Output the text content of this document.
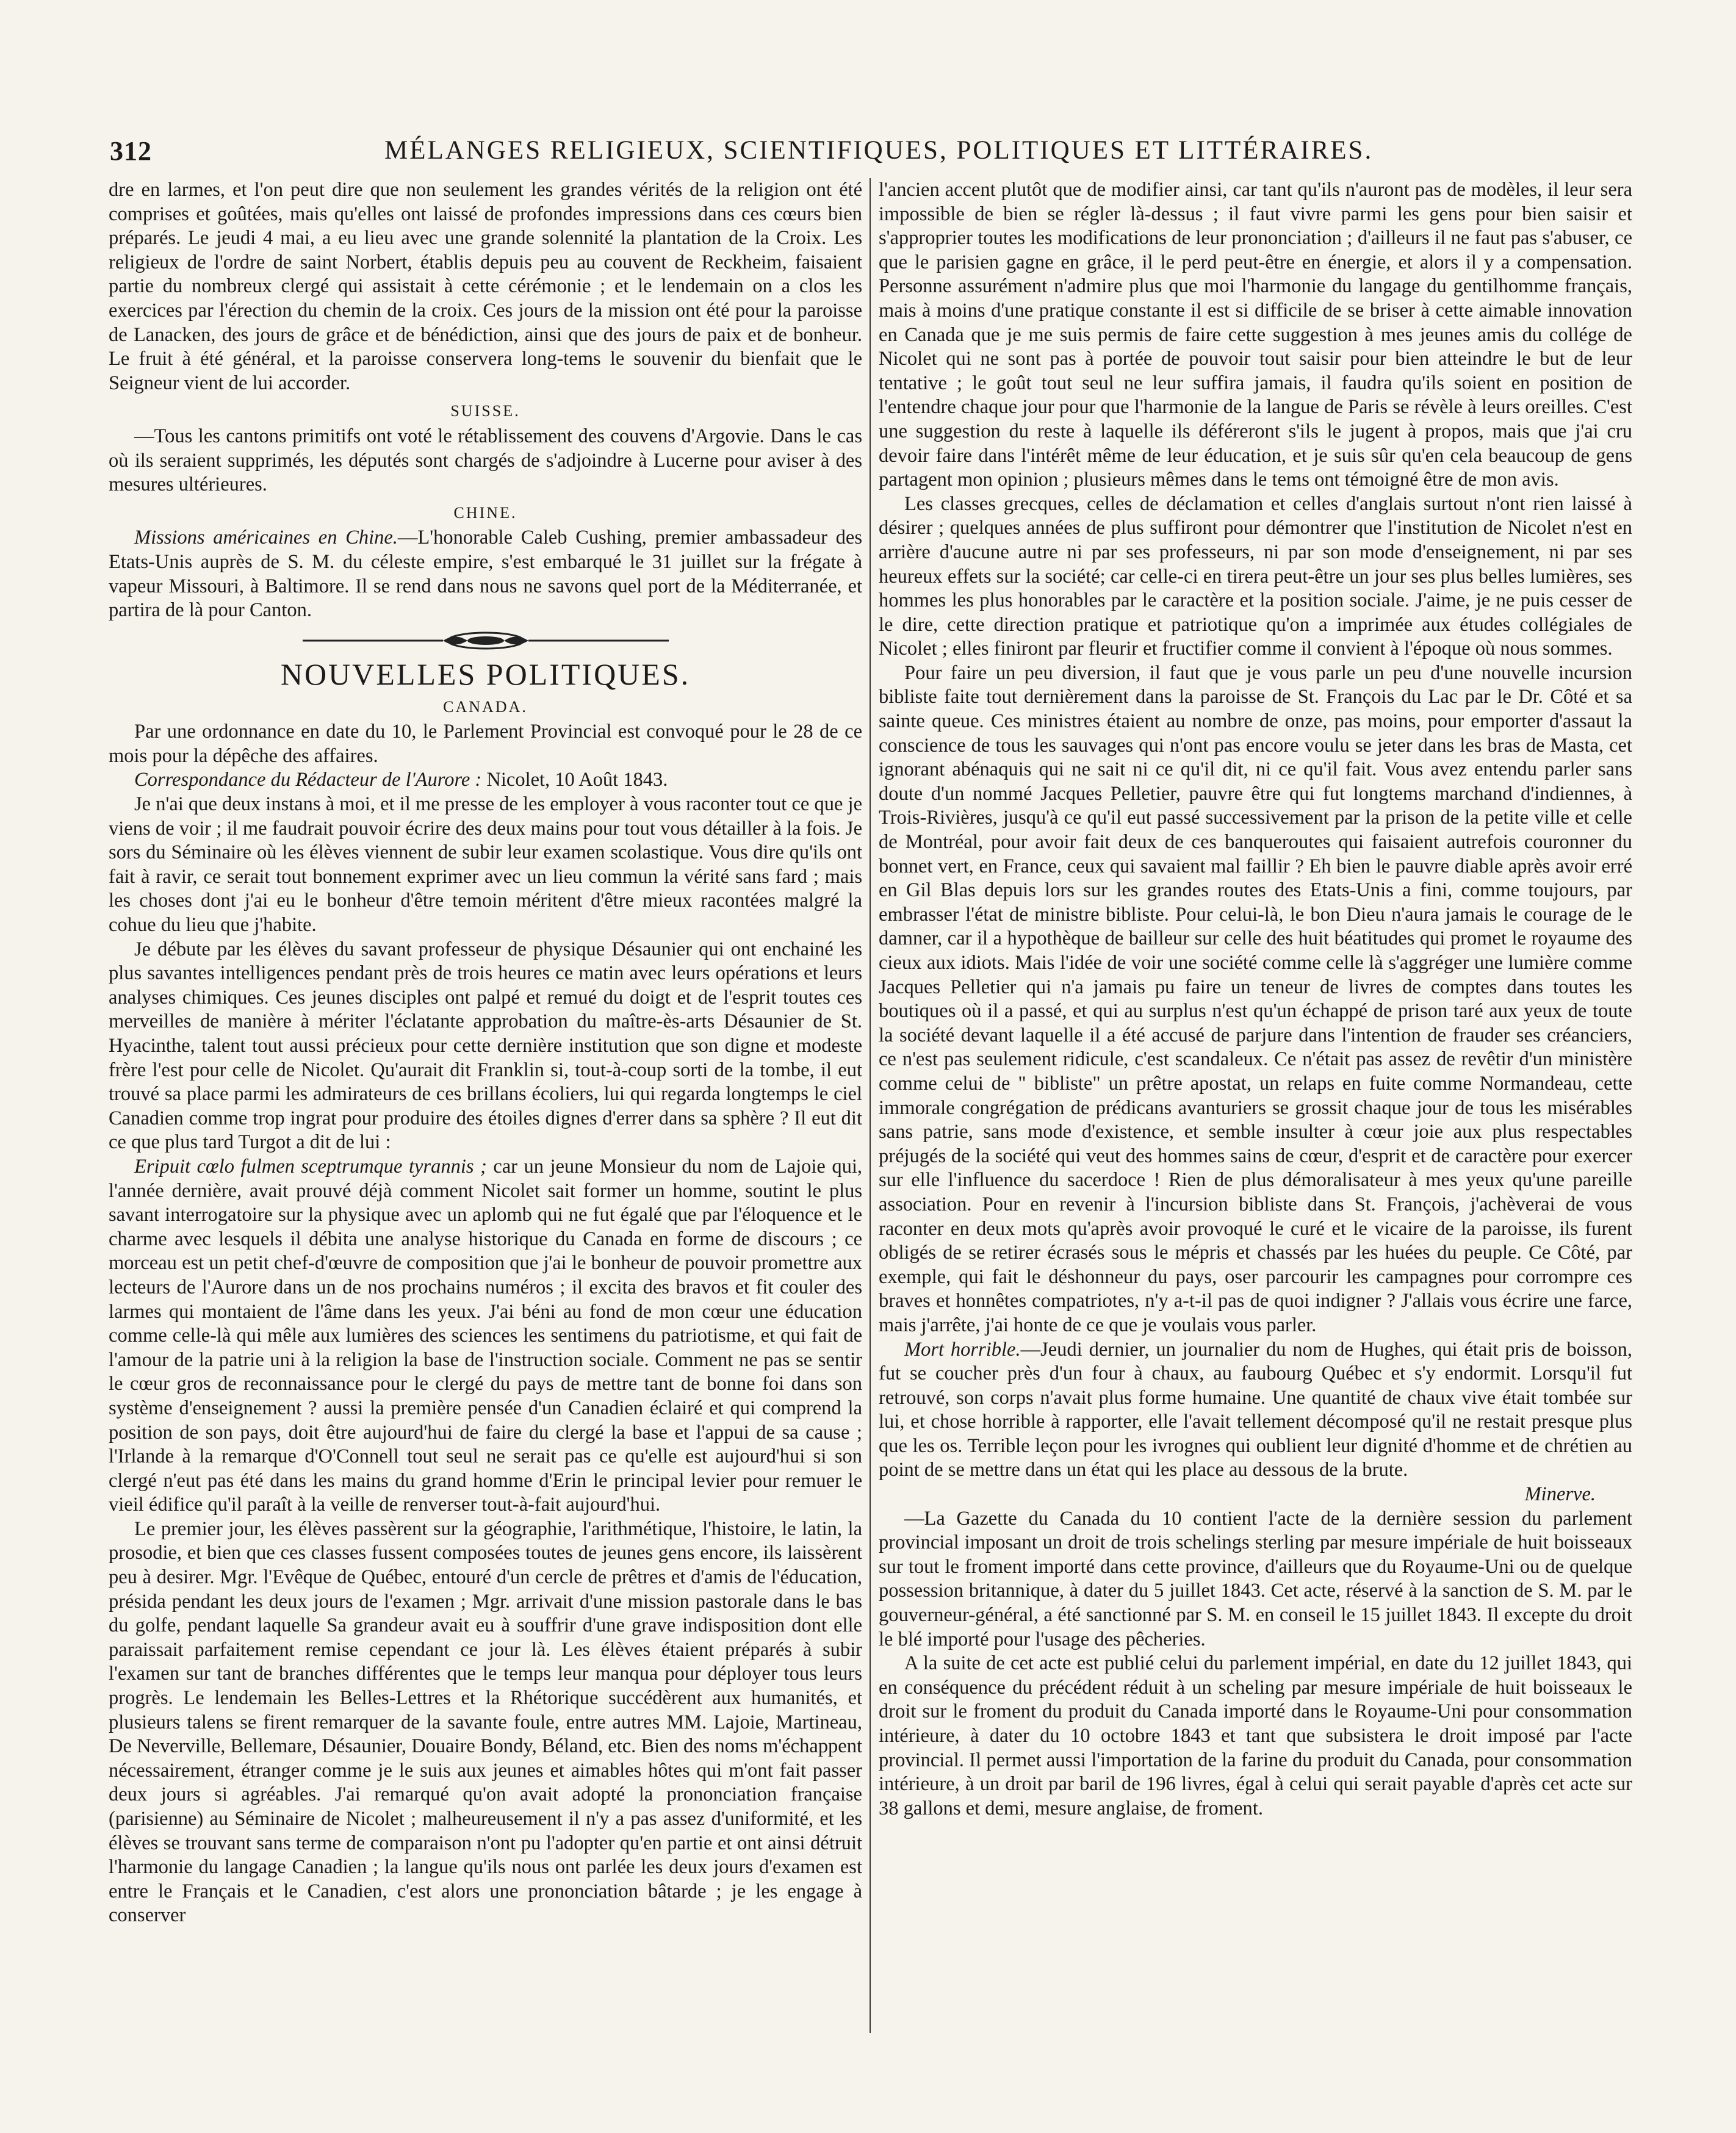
312	MÉLANGES RELIGIEUX, SCIENTIFIQUES, POLITIQUES ET LITTÉRAIRES.

dre en larmes, et l'on peut dire que non seulement les grandes vérités de la religion ont été comprises et goûtées, mais qu'elles ont laissé de profondes impressions dans ces cœurs bien préparés. Le jeudi 4 mai, a eu lieu avec une grande solennité la plantation de la Croix. Les religieux de l'ordre de saint Norbert, établis depuis peu au couvent de Reckheim, faisaient partie du nombreux clergé qui assistait à cette cérémonie ; et le lendemain on a clos les exercices par l'érection du chemin de la croix. Ces jours de la mission ont été pour la paroisse de Lanacken, des jours de grâce et de bénédiction, ainsi que des jours de paix et de bonheur. Le fruit à été général, et la paroisse conservera long-tems le souvenir du bienfait que le Seigneur vient de lui accorder.

SUISSE.

—Tous les cantons primitifs ont voté le rétablissement des couvens d'Argovie. Dans le cas où ils seraient supprimés, les députés sont chargés de s'adjoindre à Lucerne pour aviser à des mesures ultérieures.

CHINE.

Missions américaines en Chine.—L'honorable Caleb Cushing, premier ambassadeur des Etats-Unis auprès de S. M. du céleste empire, s'est embarqué le 31 juillet sur la frégate à vapeur Missouri, à Baltimore. Il se rend dans nous ne savons quel port de la Méditerranée, et partira de là pour Canton.

NOUVELLES POLITIQUES.
CANADA.

Par une ordonnance en date du 10, le Parlement Provincial est convoqué pour le 28 de ce mois pour la dépêche des affaires.

Correspondance du Rédacteur de l'Aurore : Nicolet, 10 Août 1843.

Je n'ai que deux instans à moi, et il me presse de les employer à vous raconter tout ce que je viens de voir ; il me faudrait pouvoir écrire des deux mains pour tout vous détailler à la fois. Je sors du Séminaire où les élèves viennent de subir leur examen scolastique. Vous dire qu'ils ont fait à ravir, ce serait tout bonnement exprimer avec un lieu commun la vérité sans fard ; mais les choses dont j'ai eu le bonheur d'être temoin méritent d'être mieux racontées malgré la cohue du lieu que j'habite.

Je débute par les élèves du savant professeur de physique Désaunier qui ont enchainé les plus savantes intelligences pendant près de trois heures ce matin avec leurs opérations et leurs analyses chimiques. Ces jeunes disciples ont palpé et remué du doigt et de l'esprit toutes ces merveilles de manière à mériter l'éclatante approbation du maître-ès-arts Désaunier de St. Hyacinthe, talent tout aussi précieux pour cette dernière institution que son digne et modeste frère l'est pour celle de Nicolet. Qu'aurait dit Franklin si, tout-à-coup sorti de la tombe, il eut trouvé sa place parmi les admirateurs de ces brillans écoliers, lui qui regarda longtemps le ciel Canadien comme trop ingrat pour produire des étoiles dignes d'errer dans sa sphère ? Il eut dit ce que plus tard Turgot a dit de lui :

Eripuit cœlo fulmen sceptrumque tyrannis ; car un jeune Monsieur du nom de Lajoie qui, l'année dernière, avait prouvé déjà comment Nicolet sait former un homme, soutint le plus savant interrogatoire sur la physique avec un aplomb qui ne fut égalé que par l'éloquence et le charme avec lesquels il débita une analyse historique du Canada en forme de discours ; ce morceau est un petit chef-d'œuvre de composition que j'ai le bonheur de pouvoir promettre aux lecteurs de l'Aurore dans un de nos prochains numéros ; il excita des bravos et fit couler des larmes qui montaient de l'âme dans les yeux. J'ai béni au fond de mon cœur une éducation comme celle-là qui mêle aux lumières des sciences les sentimens du patriotisme, et qui fait de l'amour de la patrie uni à la religion la base de l'instruction sociale. Comment ne pas se sentir le cœur gros de reconnaissance pour le clergé du pays de mettre tant de bonne foi dans son système d'enseignement ? aussi la première pensée d'un Canadien éclairé et qui comprend la position de son pays, doit être aujourd'hui de faire du clergé la base et l'appui de sa cause ; l'Irlande à la remarque d'O'Connell tout seul ne serait pas ce qu'elle est aujourd'hui si son clergé n'eut pas été dans les mains du grand homme d'Erin le principal levier pour remuer le vieil édifice qu'il paraît à la veille de renverser tout-à-fait aujourd'hui.

Le premier jour, les élèves passèrent sur la géographie, l'arithmétique, l'histoire, le latin, la prosodie, et bien que ces classes fussent composées toutes de jeunes gens encore, ils laissèrent peu à desirer. Mgr. l'Evêque de Québec, entouré d'un cercle de prêtres et d'amis de l'éducation, présida pendant les deux jours de l'examen ; Mgr. arrivait d'une mission pastorale dans le bas du golfe, pendant laquelle Sa grandeur avait eu à souffrir d'une grave indisposition dont elle paraissait parfaitement remise cependant ce jour là. Les élèves étaient préparés à subir l'examen sur tant de branches différentes que le temps leur manqua pour déployer tous leurs progrès. Le lendemain les Belles-Lettres et la Rhétorique succédèrent aux humanités, et plusieurs talens se firent remarquer de la savante foule, entre autres MM. Lajoie, Martineau, De Neverville, Bellemare, Désaunier, Douaire Bondy, Béland, etc. Bien des noms m'échappent nécessairement, étranger comme je le suis aux jeunes et aimables hôtes qui m'ont fait passer deux jours si agréables. J'ai remarqué qu'on avait adopté la prononciation française (parisienne) au Séminaire de Nicolet ; malheureusement il n'y a pas assez d'uniformité, et les élèves se trouvant sans terme de comparaison n'ont pu l'adopter qu'en partie et ont ainsi détruit l'harmonie du langage Canadien ; la langue qu'ils nous ont parlée les deux jours d'examen est entre le Français et le Canadien, c'est alors une prononciation bâtarde ; je les engage à conserver

l'ancien accent plutôt que de modifier ainsi, car tant qu'ils n'auront pas de modèles, il leur sera impossible de bien se régler là-dessus ; il faut vivre parmi les gens pour bien saisir et s'approprier toutes les modifications de leur prononciation ; d'ailleurs il ne faut pas s'abuser, ce que le parisien gagne en grâce, il le perd peut-être en énergie, et alors il y a compensation. Personne assurément n'admire plus que moi l'harmonie du langage du gentilhomme français, mais à moins d'une pratique constante il est si difficile de se briser à cette aimable innovation en Canada que je me suis permis de faire cette suggestion à mes jeunes amis du collége de Nicolet qui ne sont pas à portée de pouvoir tout saisir pour bien atteindre le but de leur tentative ; le goût tout seul ne leur suffira jamais, il faudra qu'ils soient en position de l'entendre chaque jour pour que l'harmonie de la langue de Paris se révèle à leurs oreilles. C'est une suggestion du reste à laquelle ils déféreront s'ils le jugent à propos, mais que j'ai cru devoir faire dans l'intérêt même de leur éducation, et je suis sûr qu'en cela beaucoup de gens partagent mon opinion ; plusieurs mêmes dans le tems ont témoigné être de mon avis.

Les classes grecques, celles de déclamation et celles d'anglais surtout n'ont rien laissé à désirer ; quelques années de plus suffiront pour démontrer que l'institution de Nicolet n'est en arrière d'aucune autre ni par ses professeurs, ni par son mode d'enseignement, ni par ses heureux effets sur la société; car celle-ci en tirera peut-être un jour ses plus belles lumières, ses hommes les plus honorables par le caractère et la position sociale. J'aime, je ne puis cesser de le dire, cette direction pratique et patriotique qu'on a imprimée aux études collégiales de Nicolet ; elles finiront par fleurir et fructifier comme il convient à l'époque où nous sommes.

Pour faire un peu diversion, il faut que je vous parle un peu d'une nouvelle incursion bibliste faite tout dernièrement dans la paroisse de St. François du Lac par le Dr. Côté et sa sainte queue. Ces ministres étaient au nombre de onze, pas moins, pour emporter d'assaut la conscience de tous les sauvages qui n'ont pas encore voulu se jeter dans les bras de Masta, cet ignorant abénaquis qui ne sait ni ce qu'il dit, ni ce qu'il fait. Vous avez entendu parler sans doute d'un nommé Jacques Pelletier, pauvre être qui fut longtems marchand d'indiennes, à Trois-Rivières, jusqu'à ce qu'il eut passé successivement par la prison de la petite ville et celle de Montréal, pour avoir fait deux de ces banqueroutes qui faisaient autrefois couronner du bonnet vert, en France, ceux qui savaient mal faillir ? Eh bien le pauvre diable après avoir erré en Gil Blas depuis lors sur les grandes routes des Etats-Unis a fini, comme toujours, par embrasser l'état de ministre bibliste. Pour celui-là, le bon Dieu n'aura jamais le courage de le damner, car il a hypothèque de bailleur sur celle des huit béatitudes qui promet le royaume des cieux aux idiots. Mais l'idée de voir une société comme celle là s'aggréger une lumière comme Jacques Pelletier qui n'a jamais pu faire un teneur de livres de comptes dans toutes les boutiques où il a passé, et qui au surplus n'est qu'un échappé de prison taré aux yeux de toute la société devant laquelle il a été accusé de parjure dans l'intention de frauder ses créanciers, ce n'est pas seulement ridicule, c'est scandaleux. Ce n'était pas assez de revêtir d'un ministère comme celui de " bibliste" un prêtre apostat, un relaps en fuite comme Normandeau, cette immorale congrégation de prédicans avanturiers se grossit chaque jour de tous les misérables sans patrie, sans mode d'existence, et semble insulter à cœur joie aux plus respectables préjugés de la société qui veut des hommes sains de cœur, d'esprit et de caractère pour exercer sur elle l'influence du sacerdoce ! Rien de plus démoralisateur à mes yeux qu'une pareille association. Pour en revenir à l'incursion bibliste dans St. François, j'achèverai de vous raconter en deux mots qu'après avoir provoqué le curé et le vicaire de la paroisse, ils furent obligés de se retirer écrasés sous le mépris et chassés par les huées du peuple. Ce Côté, par exemple, qui fait le déshonneur du pays, oser parcourir les campagnes pour corrompre ces braves et honnêtes compatriotes, n'y a-t-il pas de quoi indigner ? J'allais vous écrire une farce, mais j'arrête, j'ai honte de ce que je voulais vous parler.

Mort horrible.—Jeudi dernier, un journalier du nom de Hughes, qui était pris de boisson, fut se coucher près d'un four à chaux, au faubourg Québec et s'y endormit. Lorsqu'il fut retrouvé, son corps n'avait plus forme humaine. Une quantité de chaux vive était tombée sur lui, et chose horrible à rapporter, elle l'avait tellement décomposé qu'il ne restait presque plus que les os. Terrible leçon pour les ivrognes qui oublient leur dignité d'homme et de chrétien au point de se mettre dans un état qui les place au dessous de la brute.

Minerve.

—La Gazette du Canada du 10 contient l'acte de la dernière session du parlement provincial imposant un droit de trois schelings sterling par mesure impériale de huit boisseaux sur tout le froment importé dans cette province, d'ailleurs que du Royaume-Uni ou de quelque possession britannique, à dater du 5 juillet 1843. Cet acte, réservé à la sanction de S. M. par le gouverneur-général, a été sanctionné par S. M. en conseil le 15 juillet 1843. Il excepte du droit le blé importé pour l'usage des pêcheries.

A la suite de cet acte est publié celui du parlement impérial, en date du 12 juillet 1843, qui en conséquence du précédent réduit à un scheling par mesure impériale de huit boisseaux le droit sur le froment du produit du Canada importé dans le Royaume-Uni pour consommation intérieure, à dater du 10 octobre 1843 et tant que subsistera le droit imposé par l'acte provincial. Il permet aussi l'importation de la farine du produit du Canada, pour consommation intérieure, à un droit par baril de 196 livres, égal à celui qui serait payable d'après cet acte sur 38 gallons et demi, mesure anglaise, de froment.
